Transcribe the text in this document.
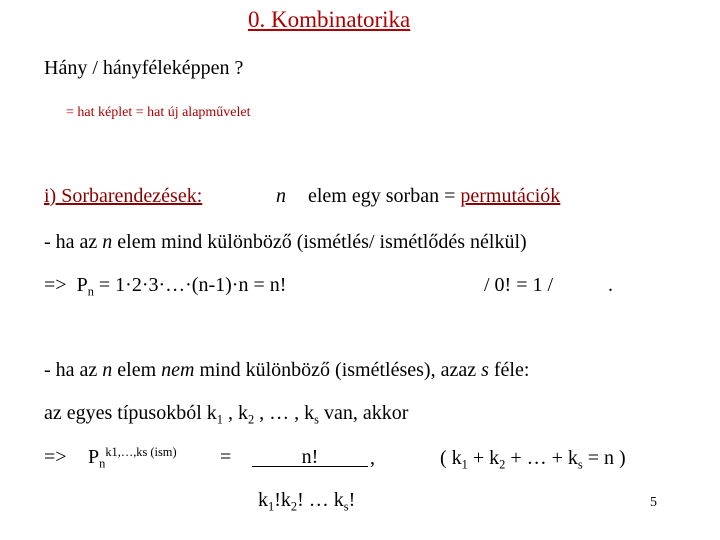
0. Kombinatorika
Hány / hányféleképpen ?
= hat képlet = hat új alapművelet
i) Sorbarendezések:	n elem egy sorban = permutációk
- ha az n elem mind különböző (ismétlés/ ismétlődés nélkül)
=> $P_n$ = 1·2·3·…·(n-1)·n = n!	/ 0! = 1 /	.
- ha az n elem nem mind különböző (ismétléses), azaz s féle:
az egyes típusokból $k_1$ , $k_2$ , … , $k_s$ van, akkor
=> $P_n^{k1,\dots,ks (ism)}$ =	n!	,	( $k_1 + k_2$ + … + $k_s = n$ )
$k_1!k_2$! … $k_s$!	5
